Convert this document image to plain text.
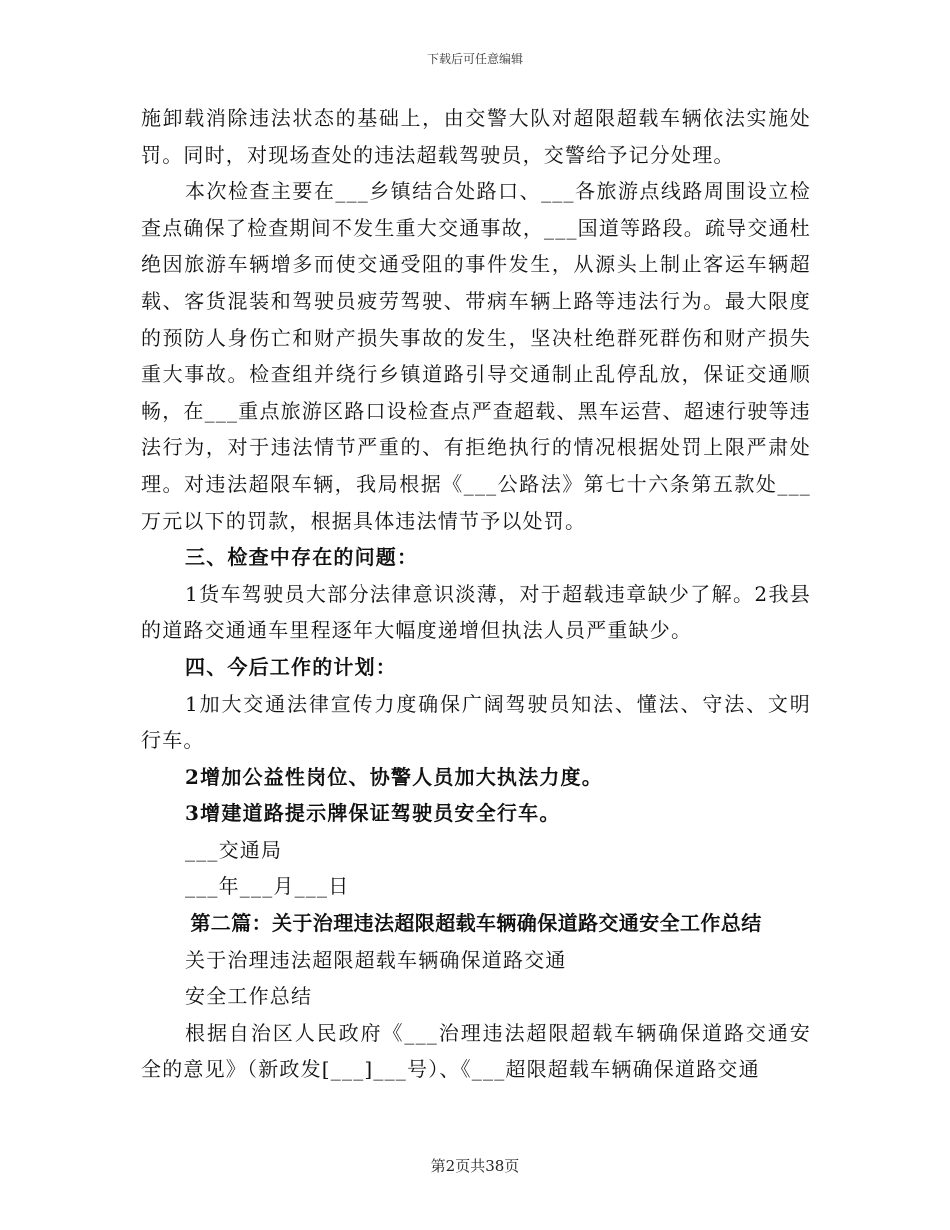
下载后可任意编辑

施卸载消除违法状态的基础上，由交警大队对超限超载车辆依法实施处罚。同时，对现场查处的违法超载驾驶员，交警给予记分处理。

本次检查主要在___乡镇结合处路口、___各旅游点线路周围设立检查点确保了检查期间不发生重大交通事故，___国道等路段。疏导交通杜绝因旅游车辆增多而使交通受阻的事件发生，从源头上制止客运车辆超载、客货混装和驾驶员疲劳驾驶、带病车辆上路等违法行为。最大限度的预防人身伤亡和财产损失事故的发生，坚决杜绝群死群伤和财产损失重大事故。检查组并绕行乡镇道路引导交通制止乱停乱放，保证交通顺畅，在___重点旅游区路口设检查点严查超载、黑车运营、超速行驶等违法行为，对于违法情节严重的、有拒绝执行的情况根据处罚上限严肃处理。对违法超限车辆，我局根据《___公路法》第七十六条第五款处___万元以下的罚款，根据具体违法情节予以处罚。

三、检查中存在的问题：

1货车驾驶员大部分法律意识淡薄，对于超载违章缺少了解。2我县的道路交通通车里程逐年大幅度递增但执法人员严重缺少。

四、今后工作的计划：

1加大交通法律宣传力度确保广阔驾驶员知法、懂法、守法、文明行车。

2增加公益性岗位、协警人员加大执法力度。

3增建道路提示牌保证驾驶员安全行车。

___交通局

___年___月___日

第二篇：关于治理违法超限超载车辆确保道路交通安全工作总结

关于治理违法超限超载车辆确保道路交通

安全工作总结

根据自治区人民政府《___治理违法超限超载车辆确保道路交通安全的意见》（新政发[___]___号）、《___超限超载车辆确保道路交通

第2页共38页
